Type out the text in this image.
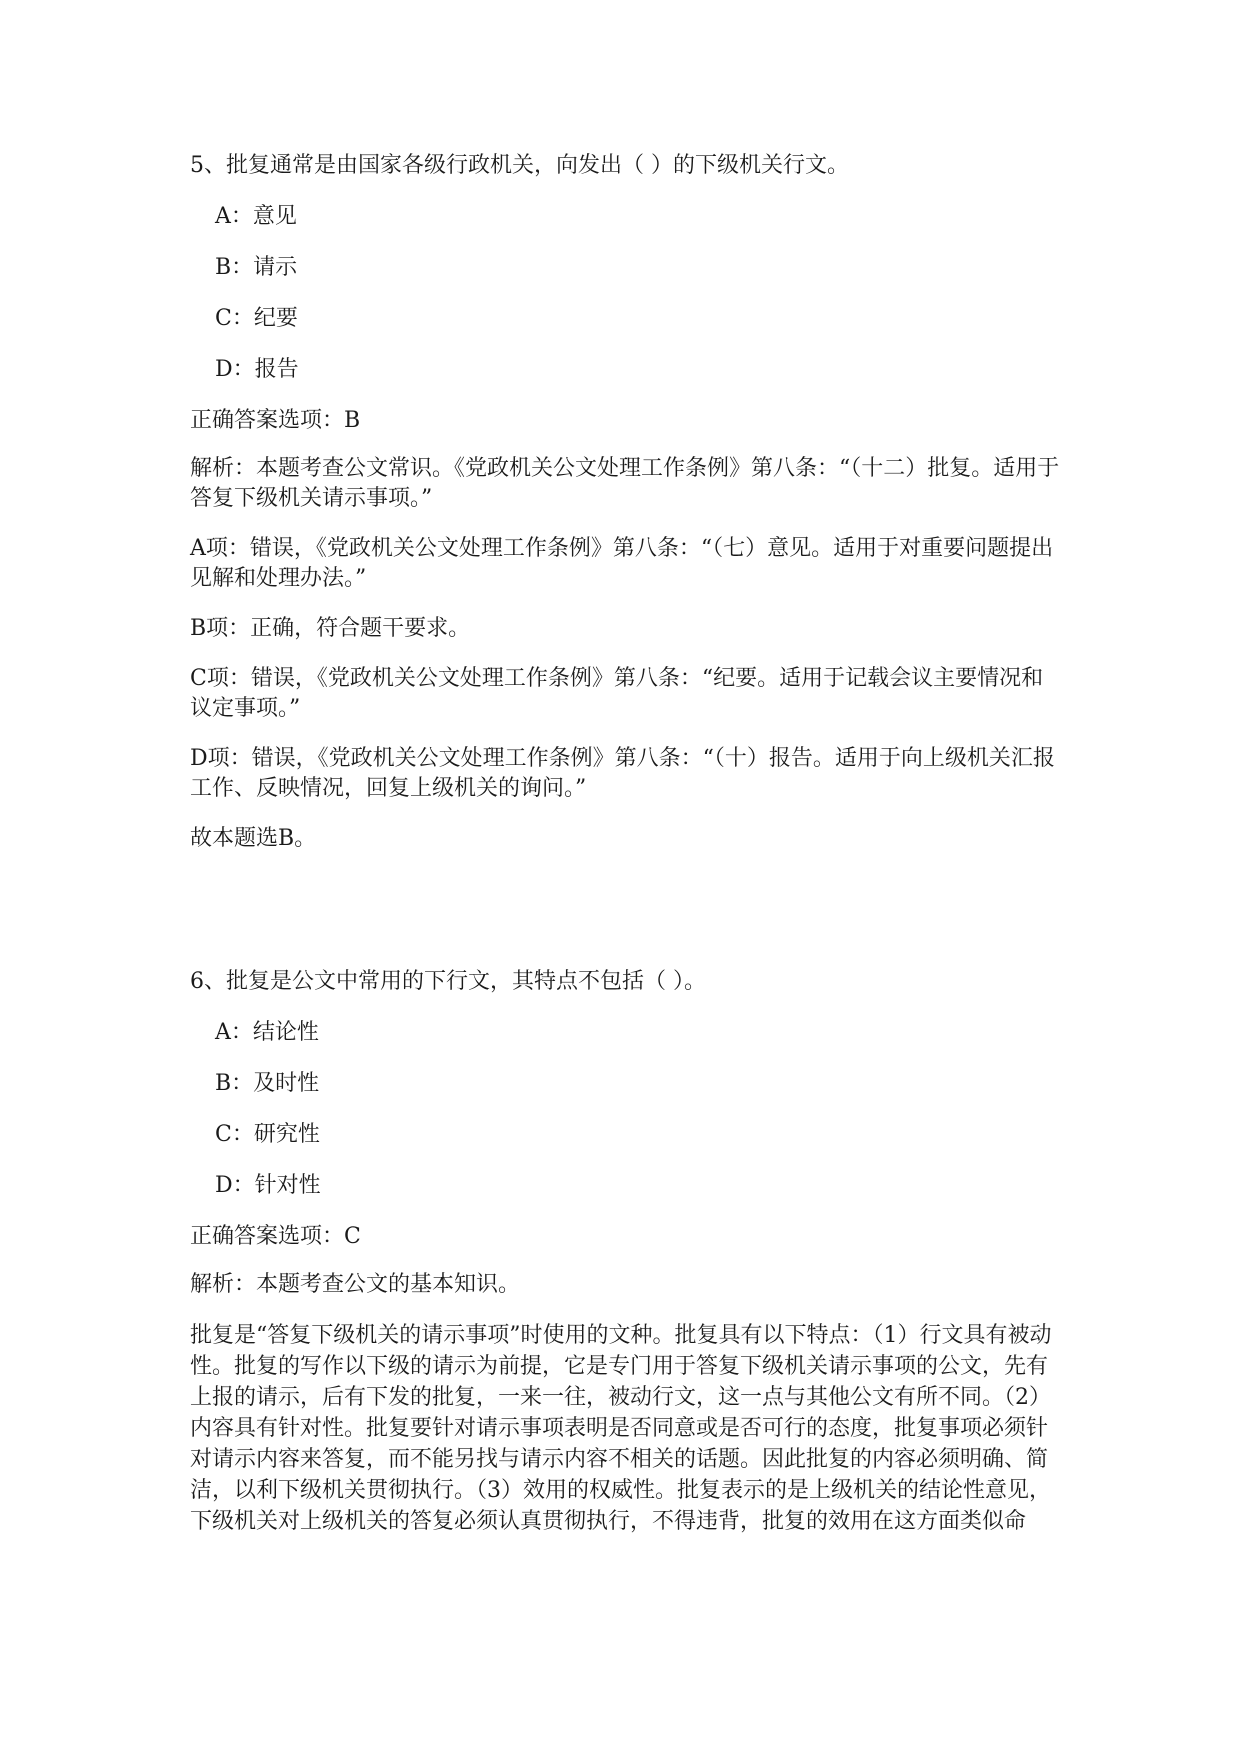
5、批复通常是由国家各级行政机关，向发出（ ）的下级机关行文。

A：意见

B：请示

C：纪要

D：报告

正确答案选项：B

解析：本题考查公文常识。《党政机关公文处理工作条例》第八条：“（十二）批复。适用于答复下级机关请示事项。”

A项：错误，《党政机关公文处理工作条例》第八条：“（七）意见。适用于对重要问题提出见解和处理办法。”

B项：正确，符合题干要求。

C项：错误，《党政机关公文处理工作条例》第八条：“纪要。适用于记载会议主要情况和议定事项。”

D项：错误，《党政机关公文处理工作条例》第八条：“（十）报告。适用于向上级机关汇报工作、反映情况，回复上级机关的询问。”

故本题选B。

6、批复是公文中常用的下行文，其特点不包括（ ）。

A：结论性

B：及时性

C：研究性

D：针对性

正确答案选项：C

解析：本题考查公文的基本知识。

批复是“答复下级机关的请示事项”时使用的文种。批复具有以下特点：（1）行文具有被动性。批复的写作以下级的请示为前提，它是专门用于答复下级机关请示事项的公文，先有上报的请示，后有下发的批复，一来一往，被动行文，这一点与其他公文有所不同。（2）内容具有针对性。批复要针对请示事项表明是否同意或是否可行的态度，批复事项必须针对请示内容来答复，而不能另找与请示内容不相关的话题。因此批复的内容必须明确、简洁，以利下级机关贯彻执行。（3）效用的权威性。批复表示的是上级机关的结论性意见，下级机关对上级机关的答复必须认真贯彻执行，不得违背，批复的效用在这方面类似命
